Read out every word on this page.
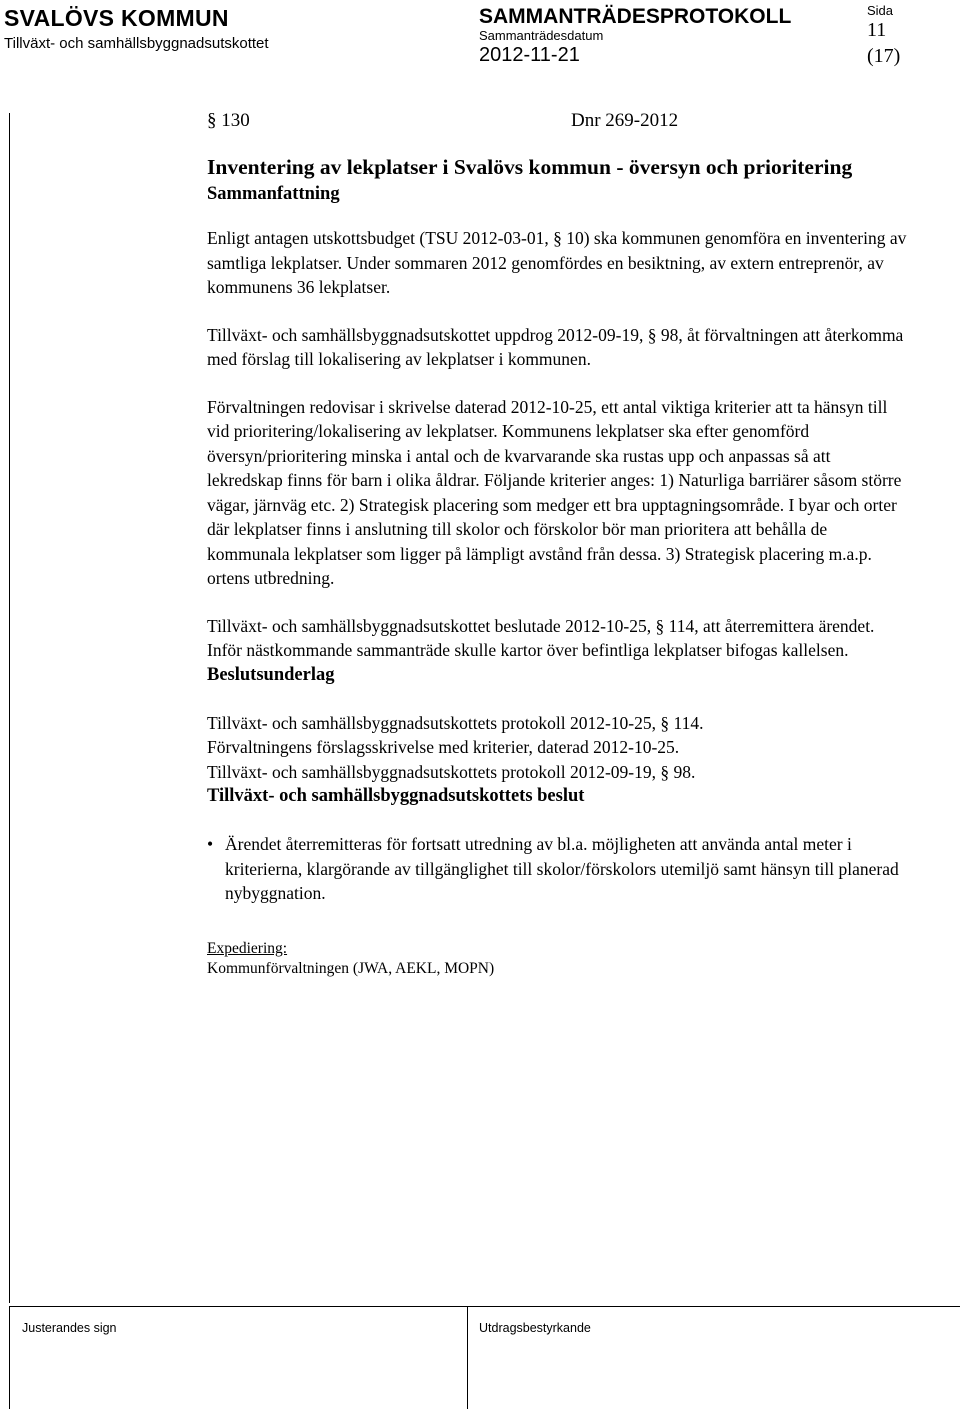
SVALÖVS KOMMUN
Tillväxt- och samhällsbyggnadsutskottet
SAMMANTRÄDESPROTOKOLL
Sammanträdesdatum
2012-11-21
Sida
11
(17)
§ 130	Dnr 269-2012
Inventering av lekplatser i Svalövs kommun - översyn och prioritering
Sammanfattning

Enligt antagen utskottsbudget (TSU 2012-03-01, § 10) ska kommunen genomföra en inventering av samtliga lekplatser. Under sommaren 2012 genomfördes en besiktning, av extern entreprenör, av kommunens 36 lekplatser.

Tillväxt- och samhällsbyggnadsutskottet uppdrog 2012-09-19, § 98, åt förvaltningen att återkomma med förslag till lokalisering av lekplatser i kommunen.

Förvaltningen redovisar i skrivelse daterad 2012-10-25, ett antal viktiga kriterier att ta hänsyn till vid prioritering/lokalisering av lekplatser. Kommunens lekplatser ska efter genomförd översyn/prioritering minska i antal och de kvarvarande ska rustas upp och anpassas så att lekredskap finns för barn i olika åldrar. Följande kriterier anges: 1) Naturliga barriärer såsom större vägar, järnväg etc. 2) Strategisk placering som medger ett bra upptagningsområde. I byar och orter där lekplatser finns i anslutning till skolor och förskolor bör man prioritera att behålla de kommunala lekplatser som ligger på lämpligt avstånd från dessa. 3) Strategisk placering m.a.p. ortens utbredning.

Tillväxt- och samhällsbyggnadsutskottet beslutade 2012-10-25, § 114, att återremittera ärendet. Inför nästkommande sammanträde skulle kartor över befintliga lekplatser bifogas kallelsen.

Beslutsunderlag

Tillväxt- och samhällsbyggnadsutskottets protokoll 2012-10-25, § 114.

Förvaltningens förslagsskrivelse med kriterier, daterad 2012-10-25.

Tillväxt- och samhällsbyggnadsutskottets protokoll 2012-09-19, § 98.

Tillväxt- och samhällsbyggnadsutskottets beslut

• Ärendet återremitteras för fortsatt utredning av bl.a. möjligheten att använda antal meter i kriterierna, klargörande av tillgänglighet till skolor/förskolors utemiljö samt hänsyn till planerad nybyggnation.

Expediering:
Kommunförvaltningen (JWA, AEKL, MOPN)
Justerandes sign	Utdragsbestyrkande
